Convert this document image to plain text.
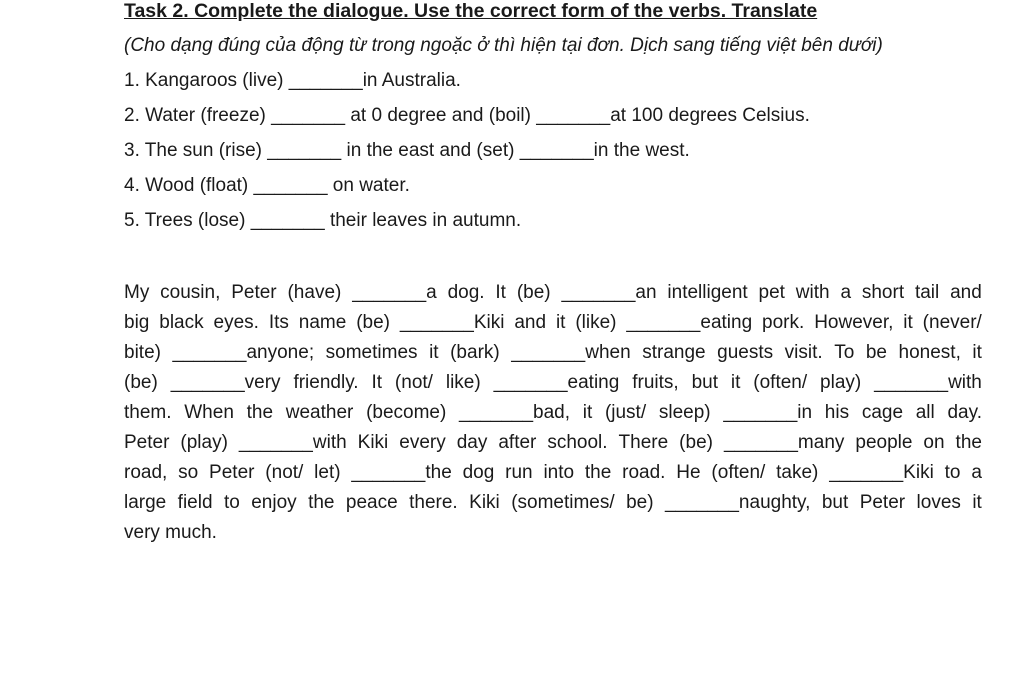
Task 2. Complete the dialogue. Use the correct form of the verbs. Translate

(Cho dạng đúng của động từ trong ngoặc ở thì hiện tại đơn. Dịch sang tiếng việt bên dưới)

1. Kangaroos (live) _______in Australia.
2. Water (freeze) _______ at 0 degree and (boil) _______at 100 degrees Celsius.
3. The sun (rise) _______ in the east and (set) _______in the west.
4. Wood (float) _______ on water.
5. Trees (lose) _______ their leaves in autumn.
My cousin, Peter (have) _______a dog. It (be) _______an intelligent pet with a short tail and
big black eyes. Its name (be) _______Kiki and it (like) _______eating pork. However, it (never/
bite) _______anyone; sometimes it (bark) _______when strange guests visit. To be honest, it
(be) _______very friendly. It (not/ like) _______eating fruits, but it (often/ play) _______with
them. When the weather (become) _______bad, it (just/ sleep) _______in his cage all day.
Peter (play) _______with Kiki every day after school. There (be) _______many people on the
road, so Peter (not/ let) _______the dog run into the road. He (often/ take) _______Kiki to a
large field to enjoy the peace there. Kiki (sometimes/ be) _______naughty, but Peter loves it
very much.
